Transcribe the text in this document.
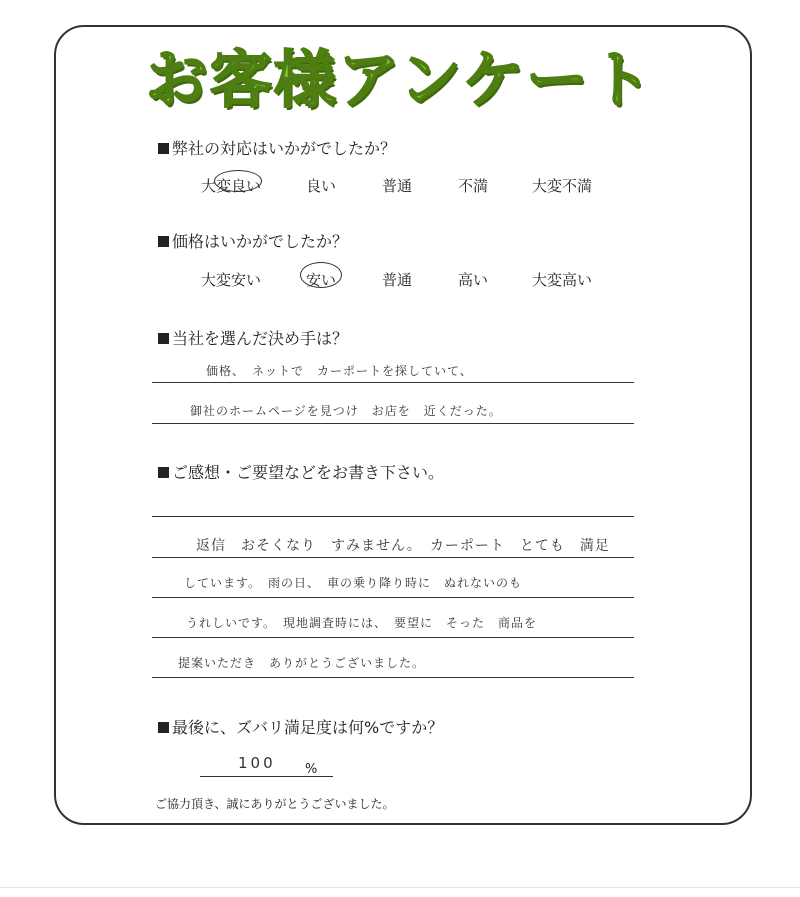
お客様アンケート
弊社の対応はいかがでしたか？
大変良い	良い	普通	不満	大変不満
価格はいかがでしたか？
大変安い	安い	普通	高い	大変高い
当社を選んだ決め手は？
価格、　ネットで　カーポートを探していて、
御社のホームページを見つけ　お店を　近くだった。
ご感想・ご要望などをお書き下さい。
返信　おそくなり　すみません。　カーポート　とても　満足
しています。　雨の日、　車の乗り降り時に　ぬれないのも
うれしいです。　現地調査時には、　要望に　そった　商品を
提案いただき　ありがとうございました。
最後に、ズバリ満足度は何%ですか？
100 %
ご協力頂き、誠にありがとうございました。
